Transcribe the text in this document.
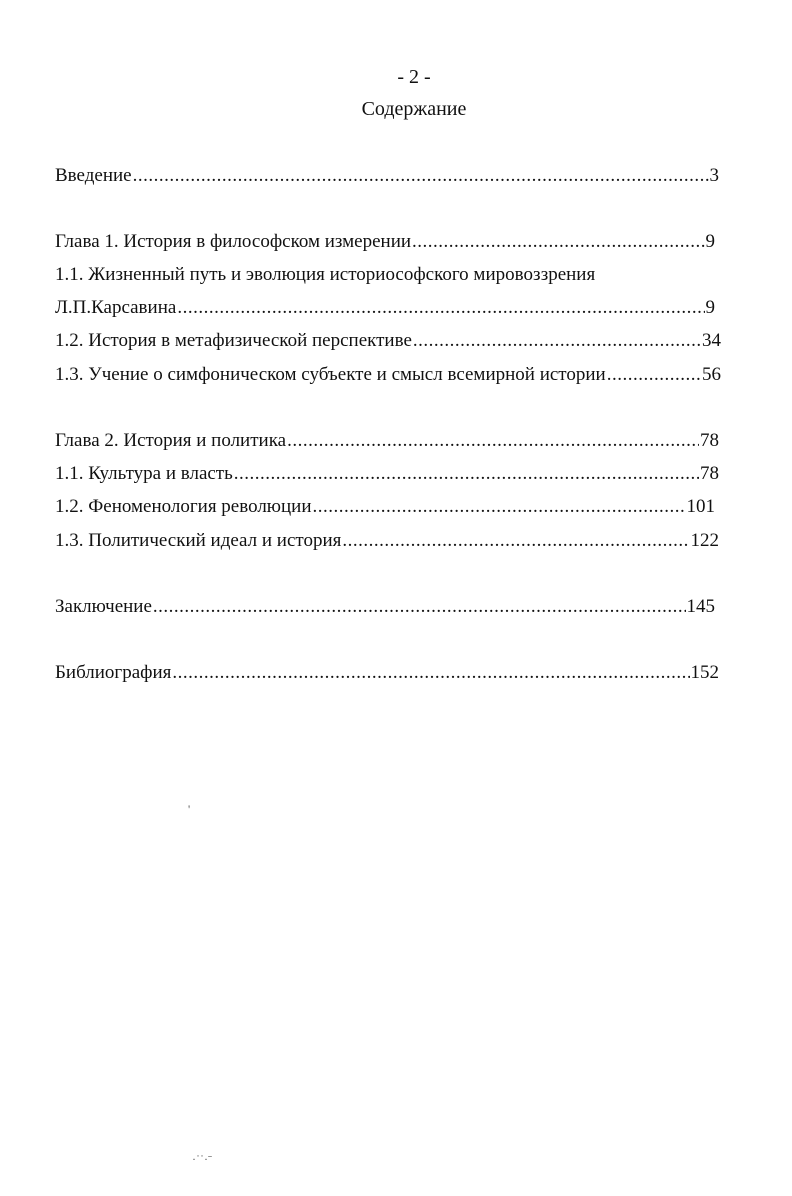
- 2 -
Содержание
Введение .....	3
Глава 1. История в философском измерении .....	9
1.1. Жизненный путь и эволюция историософского мировоззрения
Л.П.Карсавина .....	9
1.2. История в метафизической перспективе .....	34
1.3. Учение о симфоническом субъекте и смысл всемирной истории .....	56
Глава 2. История и политика .....	78
1.1. Культура и власть .....	78
1.2. Феноменология революции .....	101
1.3. Политический идеал и история .....	122
Заключение .....	145
Библиография .....	152
'
·˙˙·ˉ
